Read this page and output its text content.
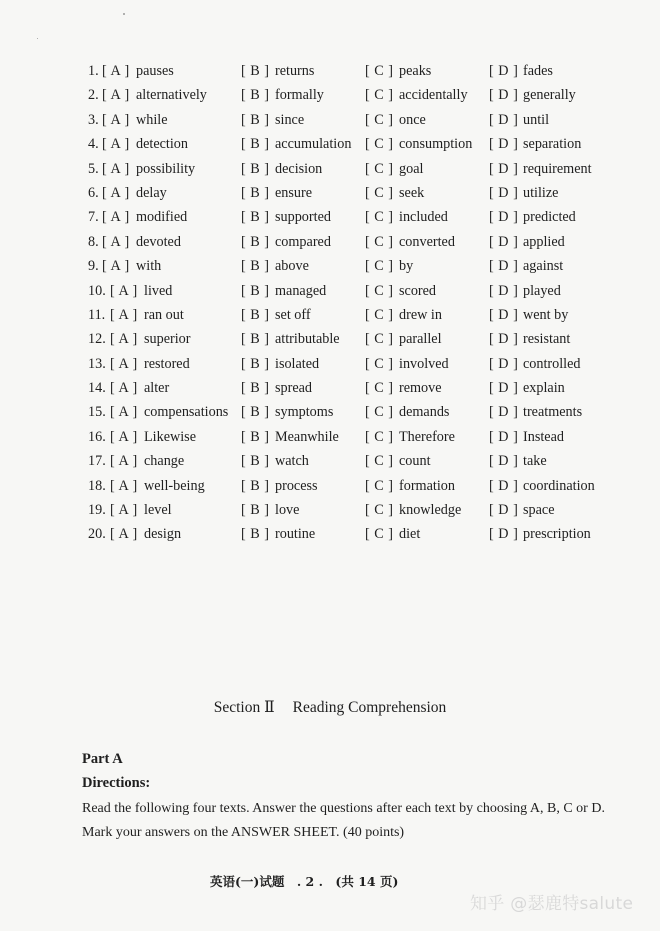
1. [ A ] pauses	[ B ] returns	[ C ] peaks	[ D ] fades
2. [ A ] alternatively [ B ] formally	[ C ] accidentally [ D ] generally
3. [ A ] while	[ B ] since	[ C ] once	[ D ] until
4. [ A ] detection	[ B ] accumulation [ C ] consumption [ D ] separation
5. [ A ] possibility	[ B ] decision	[ C ] goal	[ D ] requirement
6. [ A ] delay	[ B ] ensure	[ C ] seek	[ D ] utilize
7. [ A ] modified	[ B ] supported [ C ] included	[ D ] predicted
8. [ A ] devoted	[ B ] compared [ C ] converted [ D ] applied
9. [ A ] with	[ B ] above	[ C ] by	[ D ] against
10. [ A ] lived	[ B ] managed	[ C ] scored	[ D ] played
11. [ A ] ran out	[ B ] set off	[ C ] drew in	[ D ] went by
12. [ A ] superior	[ B ] attributable [ C ] parallel	[ D ] resistant
13. [ A ] restored	[ B ] isolated	[ C ] involved	[ D ] controlled
14. [ A ] alter	[ B ] spread	[ C ] remove	[ D ] explain
15. [ A ] compensations [ B ] symptoms [ C ] demands	[ D ] treatments
16. [ A ] Likewise	[ B ] Meanwhile [ C ] Therefore [ D ] Instead
17. [ A ] change	[ B ] watch	[ C ] count	[ D ] take
18. [ A ] well-being	[ B ] process	[ C ] formation [ D ] coordination
19. [ A ] level	[ B ] love	[ C ] knowledge [ D ] space
20. [ A ] design	[ B ] routine	[ C ] diet	[ D ] prescription
Section Ⅱ Reading Comprehension
Part A
Directions:
Read the following four texts. Answer the questions after each text by choosing A, B, C or D. Mark your answers on the ANSWER SHEET. (40 points)
英语(一)试题　. 2 .　(共 14 页)
知乎 @瑟鹿特salute
